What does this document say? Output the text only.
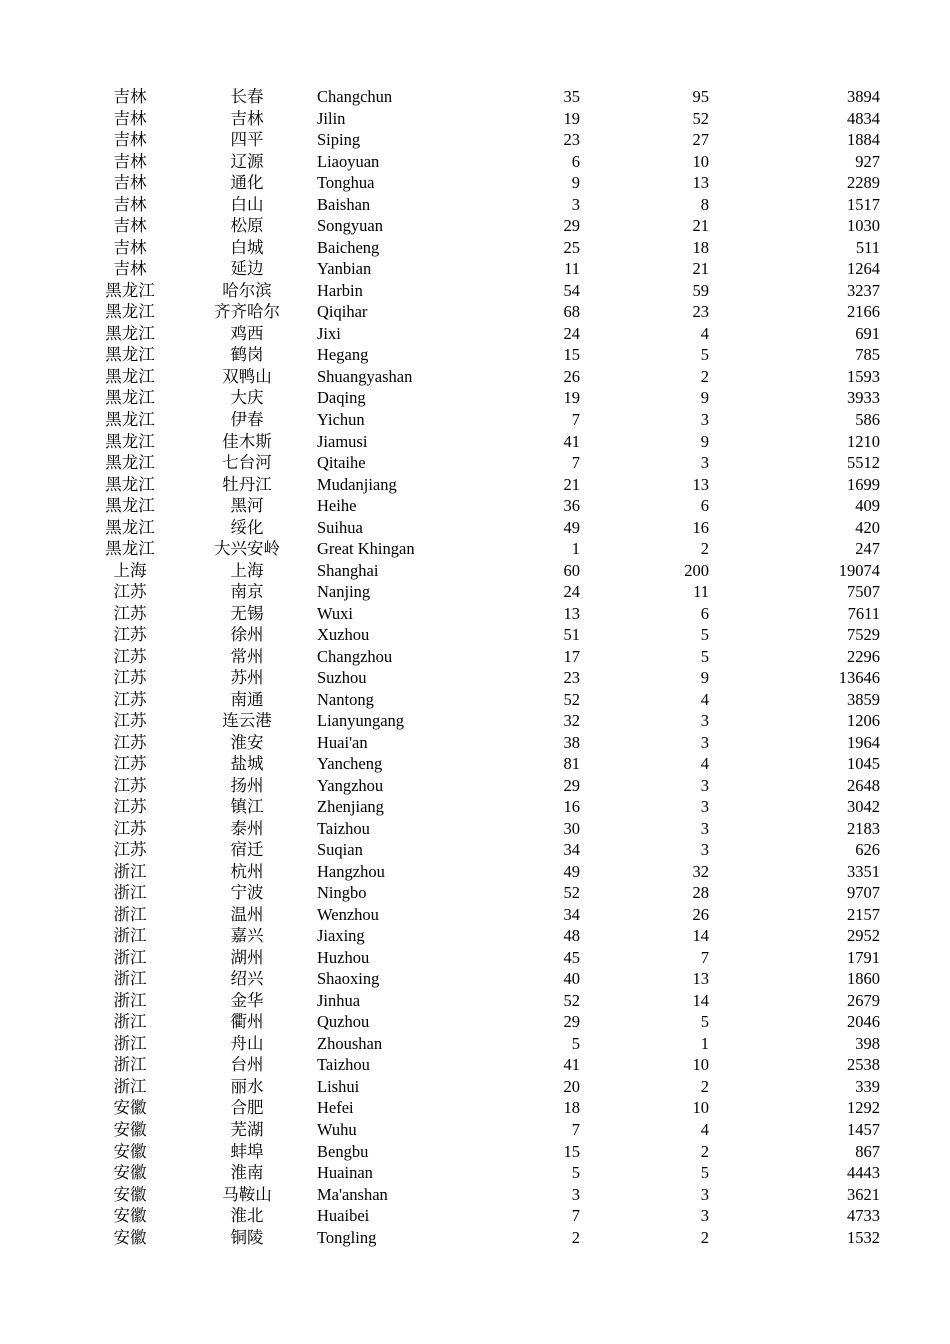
吉林	长春	Changchun	35	95	3894
吉林	吉林	Jilin	19	52	4834
吉林	四平	Siping	23	27	1884
吉林	辽源	Liaoyuan	6	10	927
吉林	通化	Tonghua	9	13	2289
吉林	白山	Baishan	3	8	1517
吉林	松原	Songyuan	29	21	1030
吉林	白城	Baicheng	25	18	511
吉林	延边	Yanbian	11	21	1264
黑龙江	哈尔滨	Harbin	54	59	3237
黑龙江	齐齐哈尔	Qiqihar	68	23	2166
黑龙江	鸡西	Jixi	24	4	691
黑龙江	鹤岗	Hegang	15	5	785
黑龙江	双鸭山	Shuangyashan	26	2	1593
黑龙江	大庆	Daqing	19	9	3933
黑龙江	伊春	Yichun	7	3	586
黑龙江	佳木斯	Jiamusi	41	9	1210
黑龙江	七台河	Qitaihe	7	3	5512
黑龙江	牡丹江	Mudanjiang	21	13	1699
黑龙江	黑河	Heihe	36	6	409
黑龙江	绥化	Suihua	49	16	420
黑龙江	大兴安岭	Great Khingan	1	2	247
上海	上海	Shanghai	60	200	19074
江苏	南京	Nanjing	24	11	7507
江苏	无锡	Wuxi	13	6	7611
江苏	徐州	Xuzhou	51	5	7529
江苏	常州	Changzhou	17	5	2296
江苏	苏州	Suzhou	23	9	13646
江苏	南通	Nantong	52	4	3859
江苏	连云港	Lianyungang	32	3	1206
江苏	淮安	Huai'an	38	3	1964
江苏	盐城	Yancheng	81	4	1045
江苏	扬州	Yangzhou	29	3	2648
江苏	镇江	Zhenjiang	16	3	3042
江苏	泰州	Taizhou	30	3	2183
江苏	宿迁	Suqian	34	3	626
浙江	杭州	Hangzhou	49	32	3351
浙江	宁波	Ningbo	52	28	9707
浙江	温州	Wenzhou	34	26	2157
浙江	嘉兴	Jiaxing	48	14	2952
浙江	湖州	Huzhou	45	7	1791
浙江	绍兴	Shaoxing	40	13	1860
浙江	金华	Jinhua	52	14	2679
浙江	衢州	Quzhou	29	5	2046
浙江	舟山	Zhoushan	5	1	398
浙江	台州	Taizhou	41	10	2538
浙江	丽水	Lishui	20	2	339
安徽	合肥	Hefei	18	10	1292
安徽	芜湖	Wuhu	7	4	1457
安徽	蚌埠	Bengbu	15	2	867
安徽	淮南	Huainan	5	5	4443
安徽	马鞍山	Ma'anshan	3	3	3621
安徽	淮北	Huaibei	7	3	4733
安徽	铜陵	Tongling	2	2	1532
